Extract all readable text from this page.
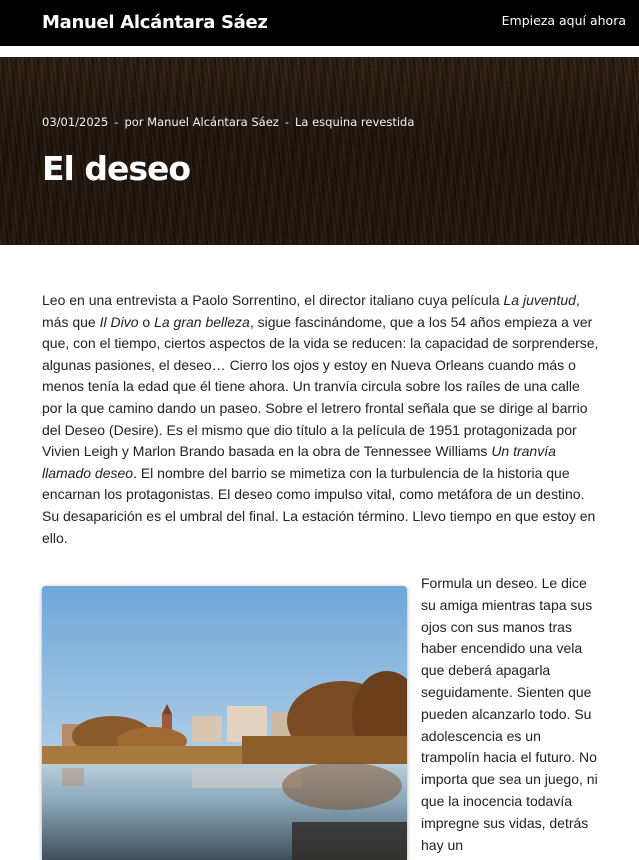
Manuel Alcántara Sáez	Empieza aquí ahora
03/01/2025 - por Manuel Alcántara Sáez - La esquina revestida
El deseo

Leo en una entrevista a Paolo Sorrentino, el director italiano cuya película La juventud, más que Il Divo o La gran belleza, sigue fascinándome, que a los 54 años empieza a ver que, con el tiempo, ciertos aspectos de la vida se reducen: la capacidad de sorprenderse, algunas pasiones, el deseo… Cierro los ojos y estoy en Nueva Orleans cuando más o menos tenía la edad que él tiene ahora. Un tranvía circula sobre los raíles de una calle por la que camino dando un paseo. Sobre el letrero frontal señala que se dirige al barrio del Deseo (Desire). Es el mismo que dio título a la película de 1951 protagonizada por Vivien Leigh y Marlon Brando basada en la obra de Tennessee Williams Un tranvía llamado deseo. El nombre del barrio se mimetiza con la turbulencia de la historia que encarnan los protagonistas. El deseo como impulso vital, como metáfora de un destino. Su desaparición es el umbral del final. La estación término. Llevo tiempo en que estoy en ello.

Formula un deseo. Le dice su amiga mientras tapa sus ojos con sus manos tras haber encendido una vela que deberá apagarla seguidamente. Sienten que pueden alcanzarlo todo. Su adolescencia es un trampolín hacia el futuro. No importa que sea un juego, ni que la inocencia todavía impregne sus vidas, detrás hay un
